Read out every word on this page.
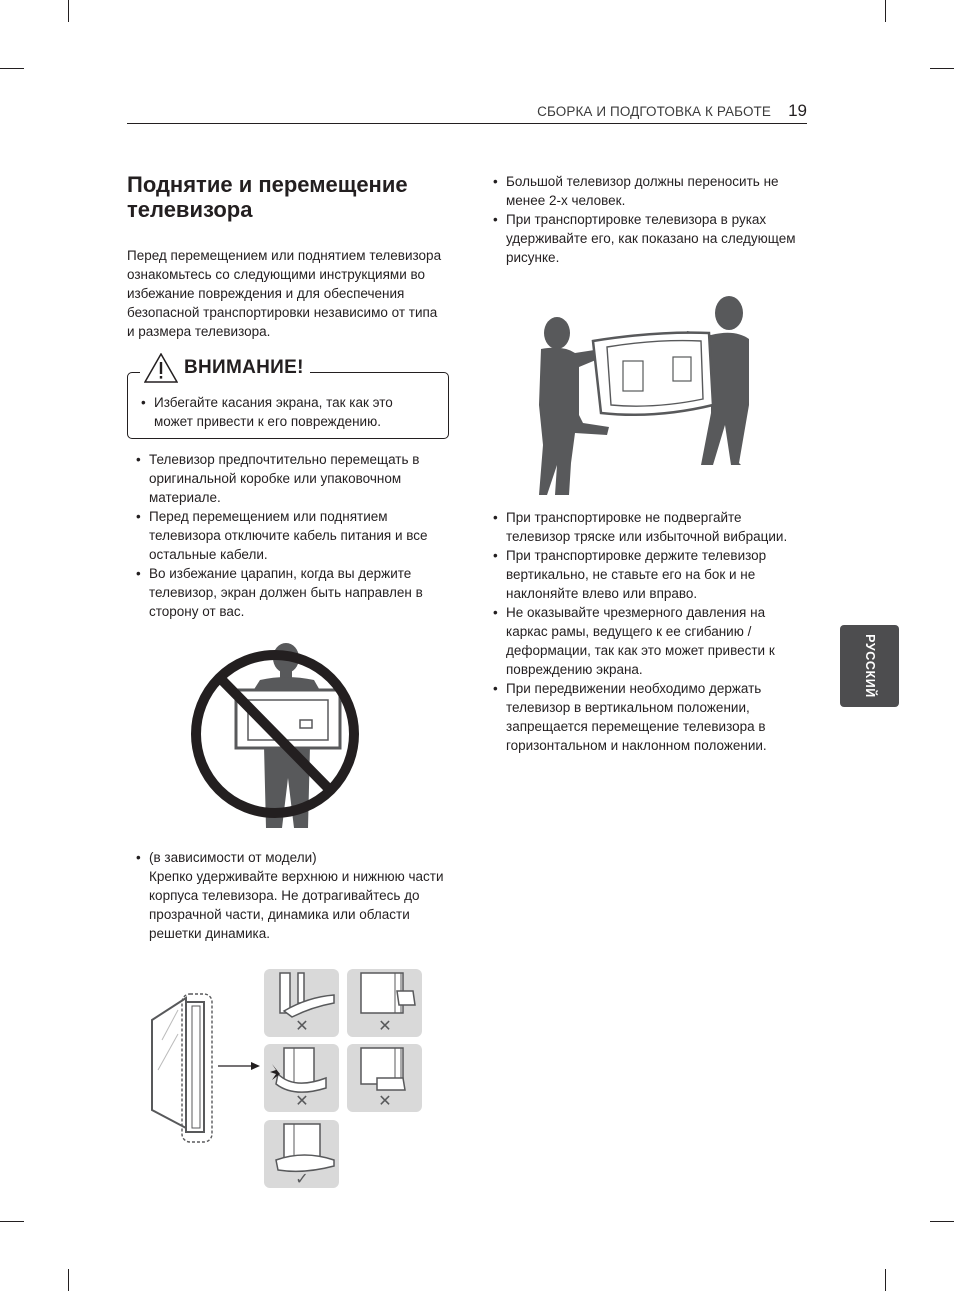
СБОРКА И ПОДГОТОВКА К РАБОТЕ 19
Поднятие и перемещение телевизора

Перед перемещением или поднятием телевизора ознакомьтесь со следующими инструкциями во избежание повреждения и для обеспечения безопасной транспортировки независимо от типа и размера телевизора.

ВНИМАНИЕ!
• Избегайте касания экрана, так как это может привести к его повреждению.
• Телевизор предпочтительно перемещать в оригинальной коробке или упаковочном материале.
• Перед перемещением или поднятием телевизора отключите кабель питания и все остальные кабели.
• Во избежание царапин, когда вы держите телевизор, экран должен быть направлен в сторону от вас.
• (в зависимости от модели)
Крепко удерживайте верхнюю и нижнюю части корпуса телевизора. Не дотрагивайтесь до прозрачной части, динамика или области решетки динамика.
✕	✕
✕	✕
✓
• Большой телевизор должны переносить не менее 2-х человек.
• При транспортировке телевизора в руках удерживайте его, как показано на следующем рисунке.
• При транспортировке не подвергайте телевизор тряске или избыточной вибрации.
• При транспортировке держите телевизор вертикально, не ставьте его на бок и не наклоняйте влево или вправо.
• Не оказывайте чрезмерного давления на каркас рамы, ведущего к ее сгибанию / деформации, так как это может привести к повреждению экрана.
• При передвижении необходимо держать телевизор в вертикальном положении, запрещается перемещение телевизора в горизонтальном и наклонном положении.
РУССКИЙ
